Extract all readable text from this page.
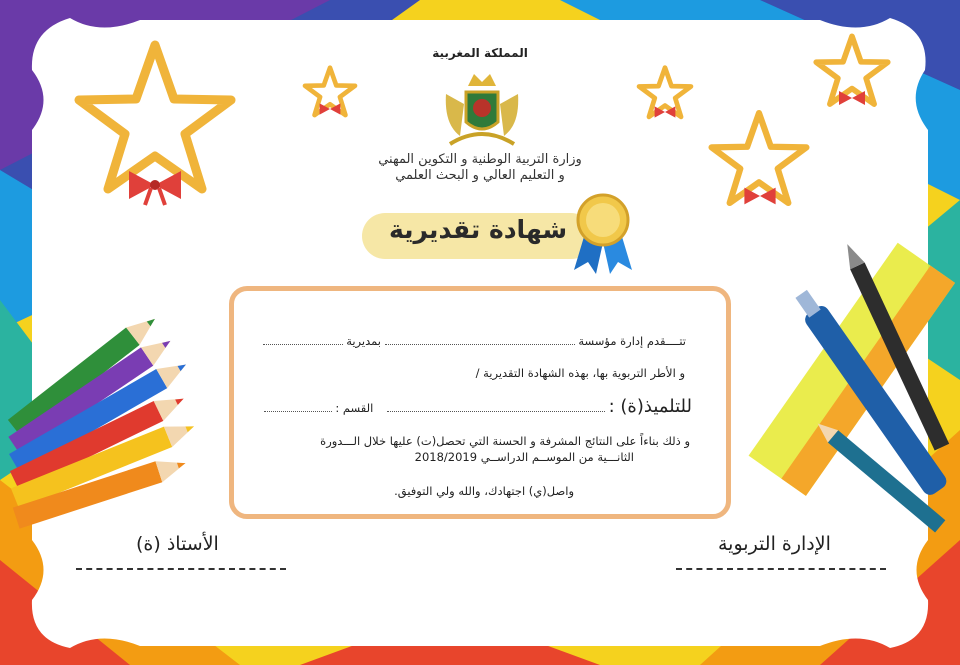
المملكة المغربية
وزارة التربية الوطنية و التكوين المهني
و التعليم العالي و البحث العلمي
شهادة تقديرية
تتــــقدم إدارة مؤسسة  بمديرية
و الأطر التربوية بها، بهذه الشهادة التقديرية /
للتلميذ(ة) :  القسم :
و ذلك بناءاً على النتائج المشرفة و الحسنة التي تحصل(ت) عليها خلال الـــدورة
الثانـــية من الموســم الدراســي 2018/2019
واصل(ي) اجتهادك، والله ولي التوفيق.
الإدارة التربوية
الأستاذ (ة)
